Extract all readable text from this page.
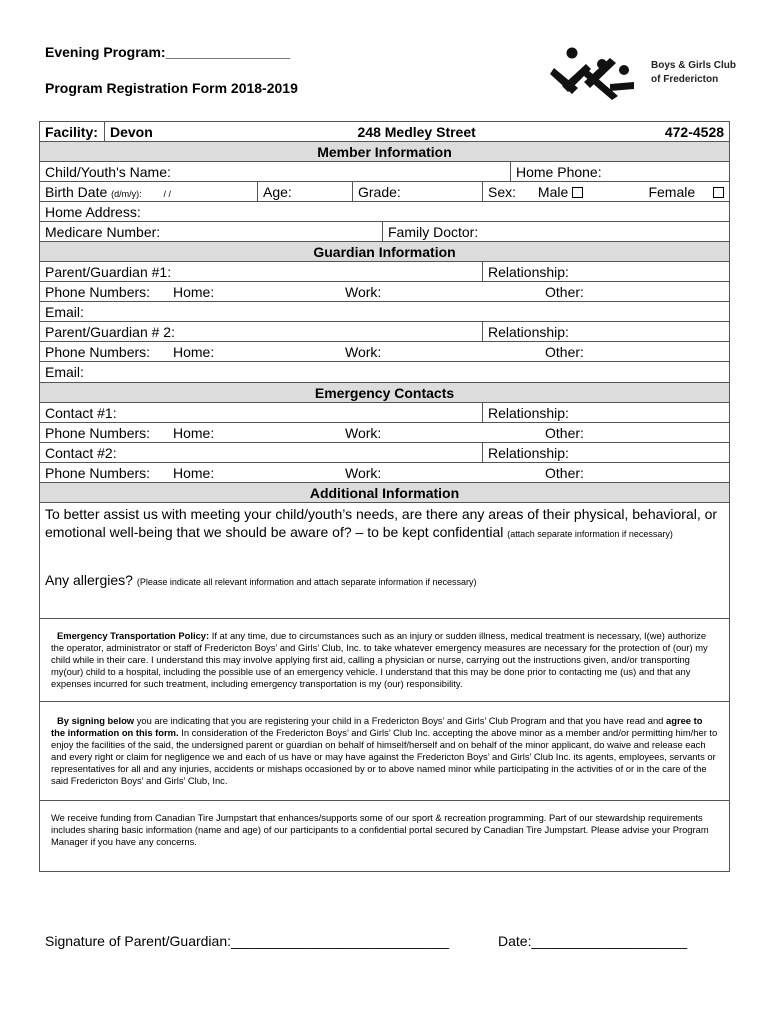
Evening Program:________________
Program Registration Form 2018-2019
Boys & Girls Club
of Fredericton
Facility:	Devon		248 Medley Street				472-4528	
Member Information								
Child/Youth's Name:						Home Phone:		
Birth Date (d/m/y): / /		Age:	Grade:		Sex: Male			Female
Home Address:								
Medicare Number:				Family Doctor:				
Guardian Information								
Parent/Guardian #1:					Relationship:			
Phone Numbers: Home: Work: Other:								

Email:								
Parent/Guardian # 2:					Relationship:			
Phone Numbers: Home: Work: Other:								

Email:								
Emergency Contacts								
Contact #1:					Relationship:			
Phone Numbers: Home: Work: Other:								

Contact #2:					Relationship:			
Phone Numbers: Home: Work: Other:								

Additional Information								

To better assist us with meeting your child/youth’s needs, are there any areas of their physical, behavioral, or
emotional well-being that we should be aware of? – to be kept confidential (attach separate information if necessary)
Any allergies? (Please indicate all relevant information and attach separate information if necessary)								

Emergency Transportation Policy: If at any time, due to circumstances such as an injury or sudden illness, medical treatment is necessary, I(we) authorize the operator, administrator or staff of Fredericton Boys’ and Girls’ Club, Inc. to take whatever emergency measures are necessary for the protection of (our) my child while in their care. I understand this may involve applying first aid, calling a physician or nurse, carrying out the instructions given, and/or transporting my(our) child to a hospital, including the possible use of an emergency vehicle. I understand that this may be done prior to contacting me (us) and that any expenses incurred for such treatment, including emergency transportation is my (our) responsibility.								

By signing below you are indicating that you are registering your child in a Fredericton Boys’ and Girls’ Club Program and that you have read and agree to the information on this form. In consideration of the Fredericton Boys’ and Girls’ Club Inc. accepting the above minor as a member and/or permitting him/her to enjoy the facilities of the said, the undersigned parent or guardian on behalf of himself/herself and on behalf of the minor applicant, do waive and release each and every right or claim for negligence we and each of us have or may have against the Fredericton Boys’ and Girls’ Club Inc. its agents, employees, servants or representatives for all and any injuries, accidents or mishaps occasioned by or to above named minor while participating in the activities of or in the care of the said Fredericton Boys’ and Girls’ Club, Inc.								

We receive funding from Canadian Tire Jumpstart that enhances/supports some of our sport & recreation programming. Part of our stewardship requirements includes sharing basic information (name and age) of our participants to a confidential portal secured by Canadian Tire Jumpstart. Please advise your Program Manager if you have any concerns.								
Signature of Parent/Guardian:____________________________	Date:____________________
